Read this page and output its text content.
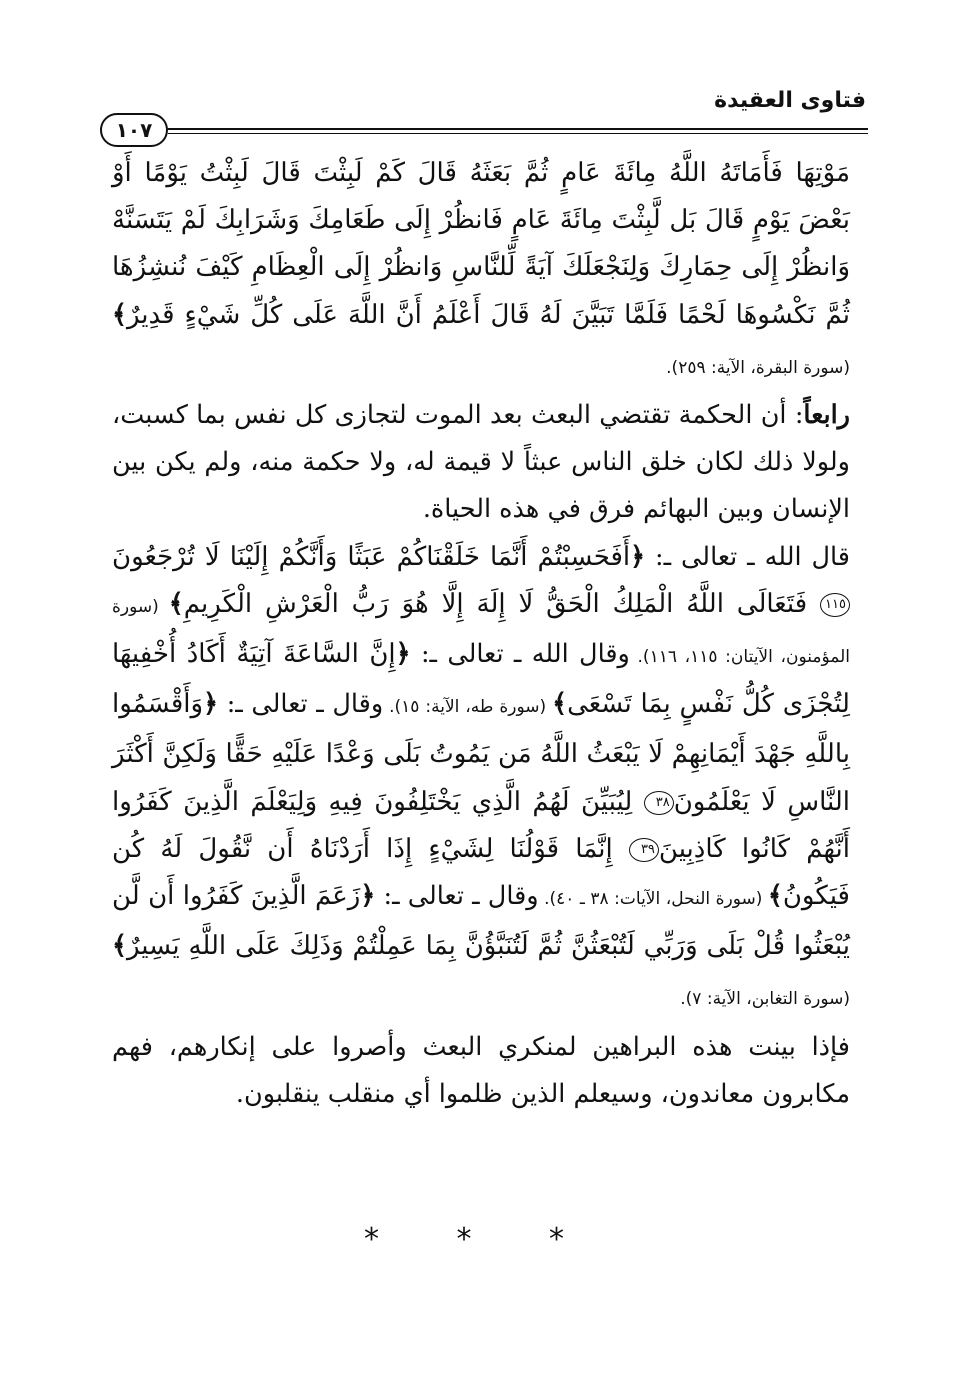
فتاوى العقيدة
١٠٧

مَوْتِهَا فَأَمَاتَهُ اللَّهُ مِائَةَ عَامٍ ثُمَّ بَعَثَهُ قَالَ كَمْ لَبِثْتَ قَالَ لَبِثْتُ يَوْمًا أَوْ بَعْضَ يَوْمٍ قَالَ بَل لَّبِثْتَ مِائَةَ عَامٍ فَانظُرْ إِلَى طَعَامِكَ وَشَرَابِكَ لَمْ يَتَسَنَّهْ وَانظُرْ إِلَى حِمَارِكَ وَلِنَجْعَلَكَ آيَةً لِّلنَّاسِ وَانظُرْ إِلَى الْعِظَامِ كَيْفَ نُنشِزُهَا ثُمَّ نَكْسُوهَا لَحْمًا فَلَمَّا تَبَيَّنَ لَهُ قَالَ أَعْلَمُ أَنَّ اللَّهَ عَلَى كُلِّ شَيْءٍ قَدِيرٌ﴾ (سورة البقرة، الآية: ٢٥٩).

رابعاً: أن الحكمة تقتضي البعث بعد الموت لتجازى كل نفس بما كسبت، ولولا ذلك لكان خلق الناس عبثاً لا قيمة له، ولا حكمة منه، ولم يكن بين الإنسان وبين البهائم فرق في هذه الحياة.

قال الله ـ تعالى ـ: ﴿أَفَحَسِبْتُمْ أَنَّمَا خَلَقْنَاكُمْ عَبَثًا وَأَنَّكُمْ إِلَيْنَا لَا تُرْجَعُونَ١١٥ فَتَعَالَى اللَّهُ الْمَلِكُ الْحَقُّ لَا إِلَهَ إِلَّا هُوَ رَبُّ الْعَرْشِ الْكَرِيمِ﴾ (سورة المؤمنون، الآيتان: ١١٥، ١١٦). وقال الله ـ تعالى ـ: ﴿إِنَّ السَّاعَةَ آتِيَةٌ أَكَادُ أُخْفِيهَا لِتُجْزَى كُلُّ نَفْسٍ بِمَا تَسْعَى﴾ (سورة طه، الآية: ١٥). وقال ـ تعالى ـ: ﴿وَأَقْسَمُوا بِاللَّهِ جَهْدَ أَيْمَانِهِمْ لَا يَبْعَثُ اللَّهُ مَن يَمُوتُ بَلَى وَعْدًا عَلَيْهِ حَقًّا وَلَكِنَّ أَكْثَرَ النَّاسِ لَا يَعْلَمُونَ٣٨ لِيُبَيِّنَ لَهُمُ الَّذِي يَخْتَلِفُونَ فِيهِ وَلِيَعْلَمَ الَّذِينَ كَفَرُوا أَنَّهُمْ كَانُوا كَاذِبِينَ٣٩ إِنَّمَا قَوْلُنَا لِشَيْءٍ إِذَا أَرَدْنَاهُ أَن نَّقُولَ لَهُ كُن فَيَكُونُ﴾ (سورة النحل، الآيات: ٣٨ ـ ٤٠). وقال ـ تعالى ـ: ﴿زَعَمَ الَّذِينَ كَفَرُوا أَن لَّن يُبْعَثُوا قُلْ بَلَى وَرَبِّي لَتُبْعَثُنَّ ثُمَّ لَتُنَبَّؤُنَّ بِمَا عَمِلْتُمْ وَذَلِكَ عَلَى اللَّهِ يَسِيرٌ﴾ (سورة التغابن، الآية: ٧).

فإذا بينت هذه البراهين لمنكري البعث وأصروا على إنكارهم، فهم مكابرون معاندون، وسيعلم الذين ظلموا أي منقلب ينقلبون.

* * *
